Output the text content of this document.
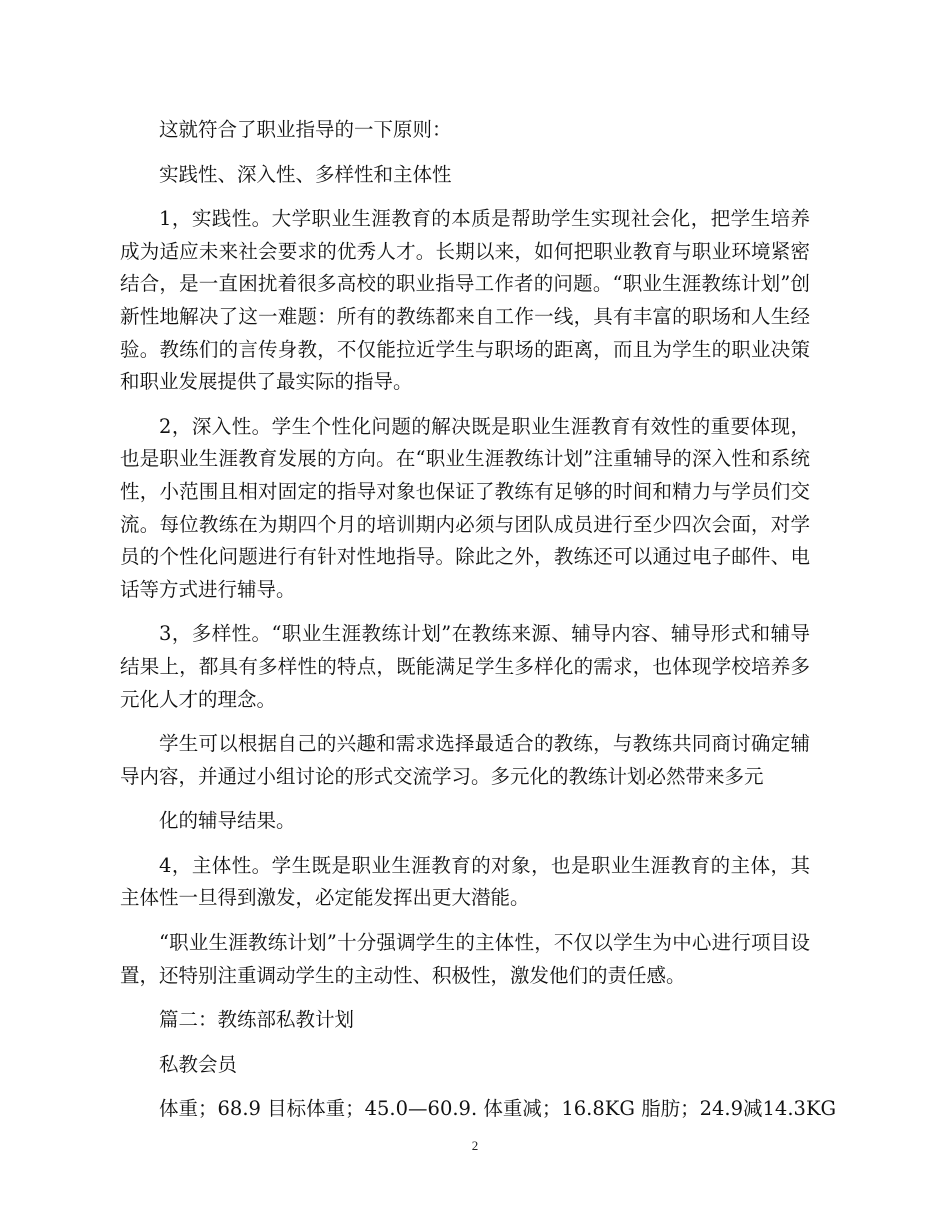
这就符合了职业指导的一下原则：

实践性、深入性、多样性和主体性

1，实践性。大学职业生涯教育的本质是帮助学生实现社会化，把学生培养成为适应未来社会要求的优秀人才。长期以来，如何把职业教育与职业环境紧密结合，是一直困扰着很多高校的职业指导工作者的问题。“职业生涯教练计划”创新性地解决了这一难题：所有的教练都来自工作一线，具有丰富的职场和人生经验。教练们的言传身教，不仅能拉近学生与职场的距离，而且为学生的职业决策和职业发展提供了最实际的指导。

2，深入性。学生个性化问题的解决既是职业生涯教育有效性的重要体现，也是职业生涯教育发展的方向。在“职业生涯教练计划”注重辅导的深入性和系统性，小范围且相对固定的指导对象也保证了教练有足够的时间和精力与学员们交流。每位教练在为期四个月的培训期内必须与团队成员进行至少四次会面，对学员的个性化问题进行有针对性地指导。除此之外，教练还可以通过电子邮件、电话等方式进行辅导。

3，多样性。“职业生涯教练计划”在教练来源、辅导内容、辅导形式和辅导结果上，都具有多样性的特点，既能满足学生多样化的需求，也体现学校培养多元化人才的理念。

学生可以根据自己的兴趣和需求选择最适合的教练，与教练共同商讨确定辅导内容，并通过小组讨论的形式交流学习。多元化的教练计划必然带来多元

化的辅导结果。

4，主体性。学生既是职业生涯教育的对象，也是职业生涯教育的主体，其主体性一旦得到激发，必定能发挥出更大潜能。

“职业生涯教练计划”十分强调学生的主体性，不仅以学生为中心进行项目设置，还特别注重调动学生的主动性、积极性，激发他们的责任感。

篇二：教练部私教计划

私教会员

体重；68.9 目标体重；45.0—60.9. 体重减；16.8KG 脂肪；24.9减14.3KG

2
